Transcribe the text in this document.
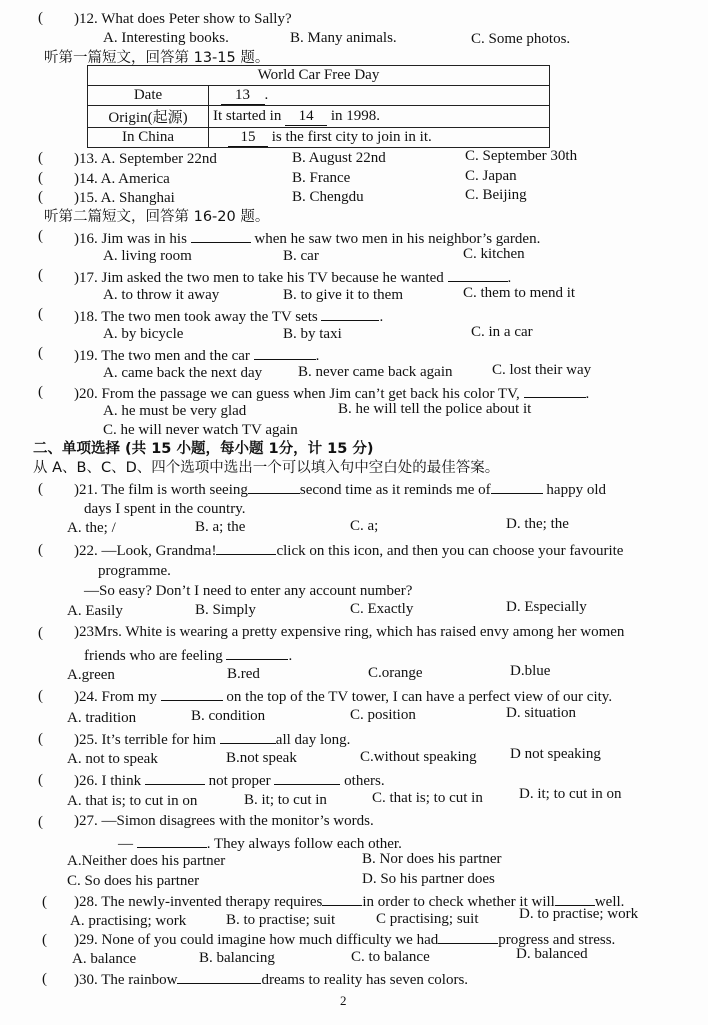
( )12. What does Peter show to Sally?
A. Interesting books.	B. Many animals.	C. Some photos.
听第一篇短文，回答第 13-15 题。
World Car Free Day	
Date	13 .
Origin(起源)	It started in 14 in 1998.
In China	15 is the first city to join in it.
( )13. A. September 22nd	B. August 22nd	C. September 30th
( )14. A. America	B. France	C. Japan
( )15. A. Shanghai	B. Chengdu	C. Beijing
听第二篇短文，回答第 16-20 题。
( )16. Jim was in his	when he saw two men in his neighbor’s garden.
A. living room	B. car	C. kitchen
( )17. Jim asked the two men to take his TV because he wanted	.
A. to throw it away	B. to give it to them	C. them to mend it
( )18. The two men took away the TV sets	.
A. by bicycle	B. by taxi	C. in a car
( )19. The two men and the car	.
A. came back the next day B. never came back again	C. lost their way
( )20. From the passage we can guess when Jim can’t get back his color TV,	.
A. he must be very glad	B. he will tell the police about it
C. he will never watch TV again
二、单项选择 (共 15 小题，每小题 1分，计 15 分)
从 A、B、C、D、四个选项中选出一个可以填入句中空白处的最佳答案。
( )21. The film is worth seeing	second time as it reminds me of	happy old
days I spent in the country.
A. the; /	B. a; the	C. a;	D. the; the
( )22. —Look, Grandma!	click on this icon, and then you can choose your favourite
programme.
—So easy? Don’t I need to enter any account number?
A. Easily	B. Simply	C. Exactly	D. Especially
( )23Mrs. White is wearing a pretty expensive ring, which has raised envy among her women
friends who are feeling	.
A.green	B.red	C.orange	D.blue
( )24. From my	on the top of the TV tower, I can have a perfect view of our city.
A. tradition	B. condition	C. position	D. situation
( )25. It’s terrible for him	all day long.
A. not to speak	B.not speak	C.without speaking D not speaking
( )26. I think	not proper	others.
A. that is; to cut in on	B. it; to cut in	C. that is; to cut in D. it; to cut in on
( )27. —Simon disagrees with the monitor’s words.
—	. They always follow each other.
A.Neither does his partner	B. Nor does his partner
C. So does his partner	D. So his partner does
( )28. The newly-invented therapy requires	in order to check whether it will	well.
A. practising; work	B. to practise; suit	C practising; suit	D. to practise; work
( )29. None of you could imagine how much difficulty we had	progress and stress.
A. balance	B. balancing	C. to balance	D. balanced
( )30. The rainbow	dreams to reality has seven colors.
2
